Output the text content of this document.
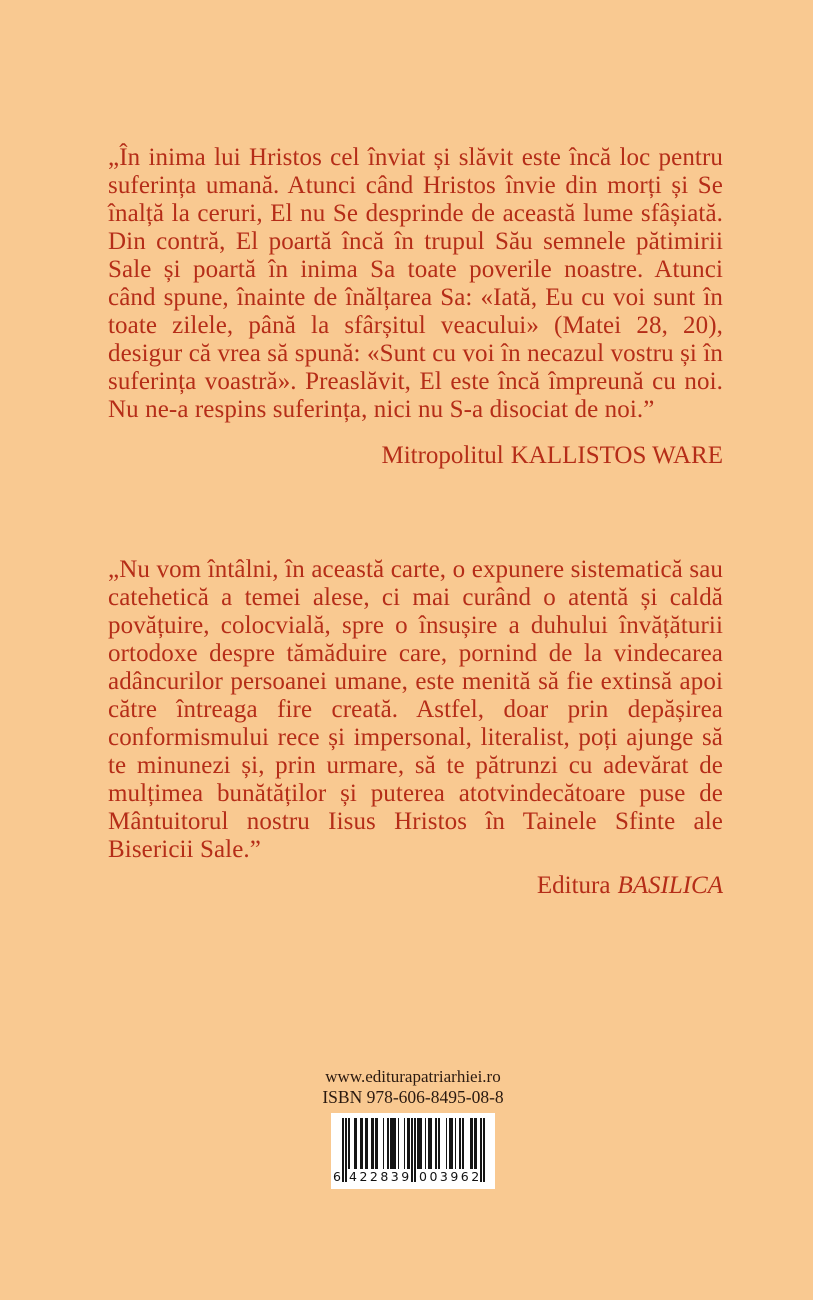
„În inima lui Hristos cel înviat și slăvit este încă loc pentru suferința umană. Atunci când Hristos învie din morți și Se înalță la ceruri, El nu Se desprinde de această lume sfâșiată. Din contră, El poartă încă în trupul Său semnele pătimirii Sale și poartă în inima Sa toate poverile noastre. Atunci când spune, înainte de înălțarea Sa: «Iată, Eu cu voi sunt în toate zilele, până la sfârșitul veacului» (Matei 28, 20), desigur că vrea să spună: «Sunt cu voi în necazul vostru și în suferința voastră». Preaslăvit, El este încă împreună cu noi. Nu ne-a respins suferința, nici nu S-a disociat de noi.”

Mitropolitul KALLISTOS WARE

„Nu vom întâlni, în această carte, o expunere sistematică sau catehetică a temei alese, ci mai curând o atentă și caldă povățuire, colocvială, spre o însușire a duhului învățăturii ortodoxe despre tămăduire care, pornind de la vindecarea adâncurilor persoanei umane, este menită să fie extinsă apoi către întreaga fire creată. Astfel, doar prin depășirea conformismului rece și impersonal, literalist, poți ajunge să te minunezi și, prin urmare, să te pătrunzi cu adevărat de mulțimea bunătăților și puterea atotvindecătoare puse de Mântuitorul nostru Iisus Hristos în Tainele Sfinte ale Bisericii Sale.”

Editura BASILICA

www.editurapatriarhiei.ro
ISBN 978-606-8495-08-8
6 422839 003962
